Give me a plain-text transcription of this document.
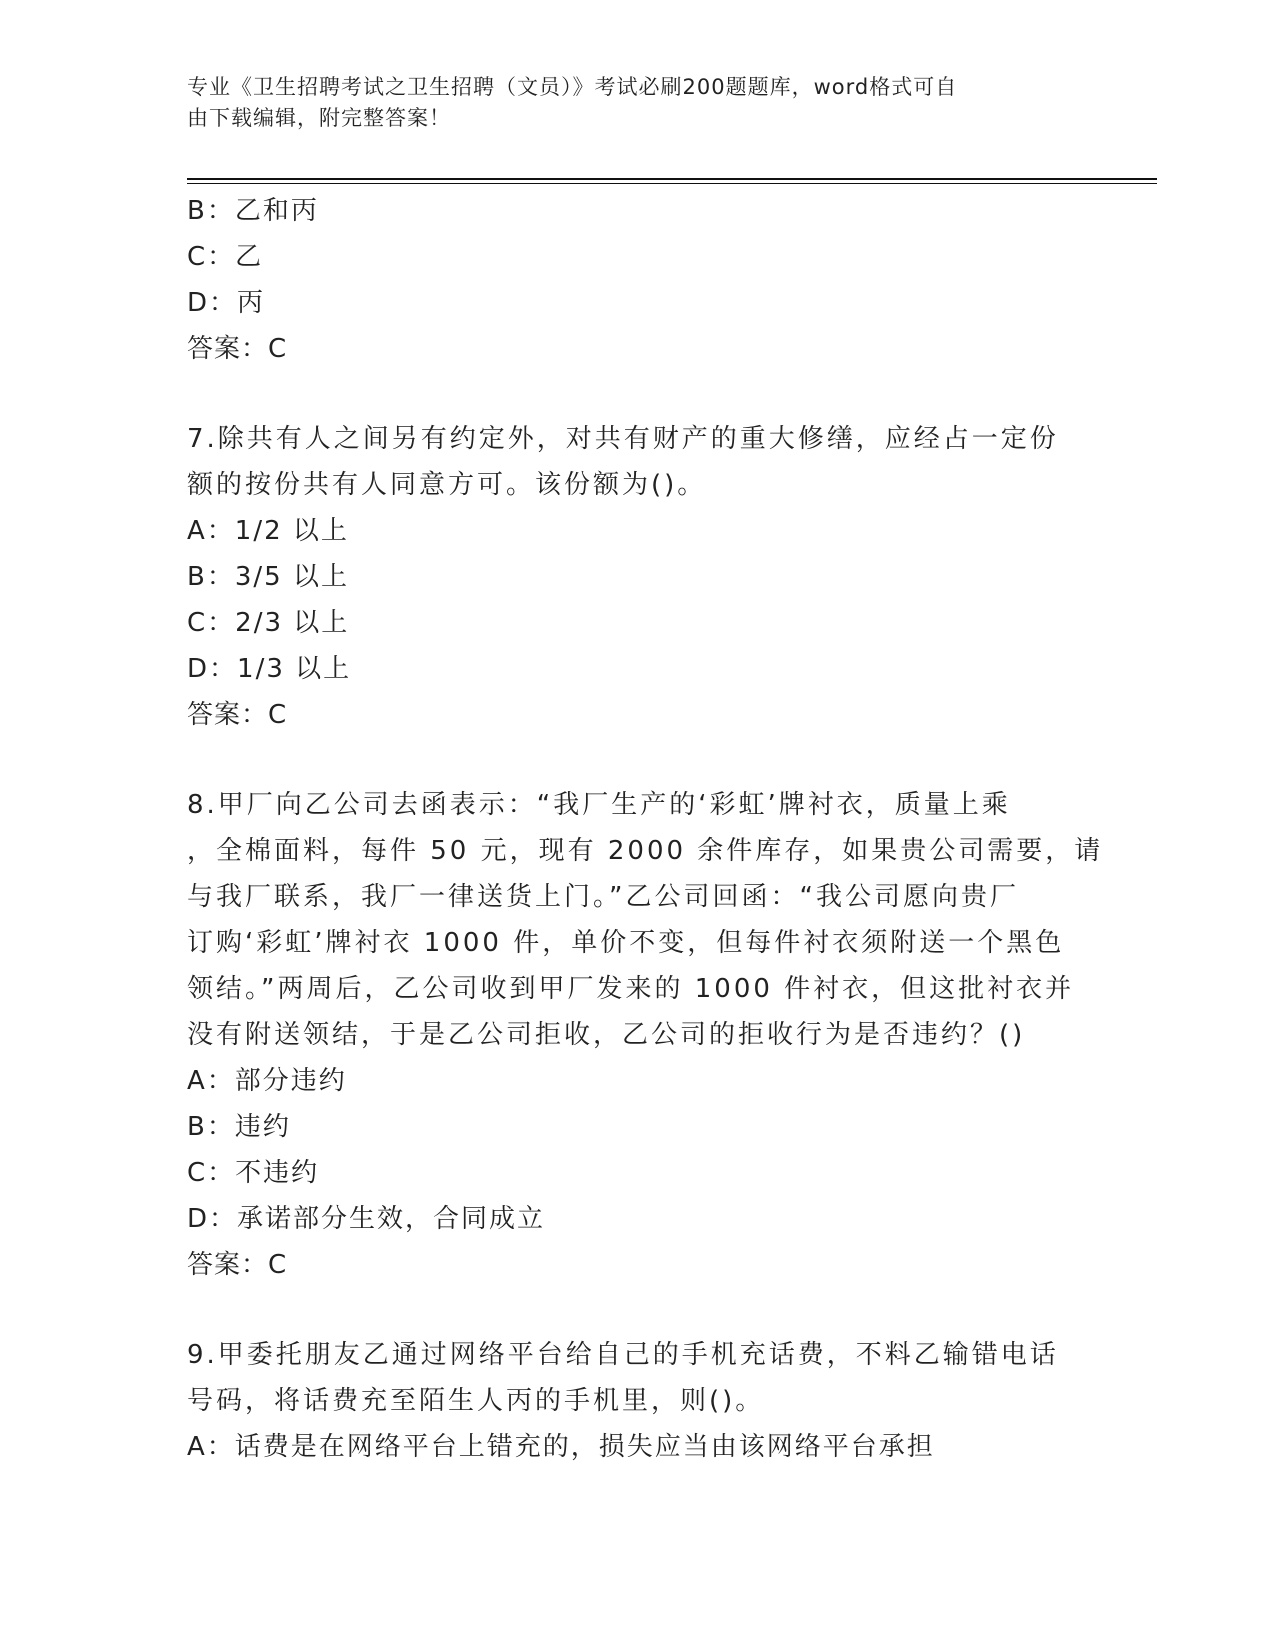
专业《卫生招聘考试之卫生招聘（文员）》考试必刷200题题库，word格式可自
由下载编辑，附完整答案！
B：乙和丙
C：乙
D：丙
答案：C
7.除共有人之间另有约定外，对共有财产的重大修缮，应经占一定份
额的按份共有人同意方可。该份额为()。
A：1/2 以上
B：3/5 以上
C：2/3 以上
D：1/3 以上
答案：C
8.甲厂向乙公司去函表示：“我厂生产的‘彩虹’牌衬衣，质量上乘
，全棉面料，每件 50 元，现有 2000 余件库存，如果贵公司需要，请
与我厂联系，我厂一律送货上门。”乙公司回函：“我公司愿向贵厂
订购‘彩虹’牌衬衣 1000 件，单价不变，但每件衬衣须附送一个黑色
领结。”两周后，乙公司收到甲厂发来的 1000 件衬衣，但这批衬衣并
没有附送领结，于是乙公司拒收，乙公司的拒收行为是否违约？()
A：部分违约
B：违约
C：不违约
D：承诺部分生效，合同成立
答案：C
9.甲委托朋友乙通过网络平台给自己的手机充话费，不料乙输错电话
号码，将话费充至陌生人丙的手机里，则()。
A：话费是在网络平台上错充的，损失应当由该网络平台承担
